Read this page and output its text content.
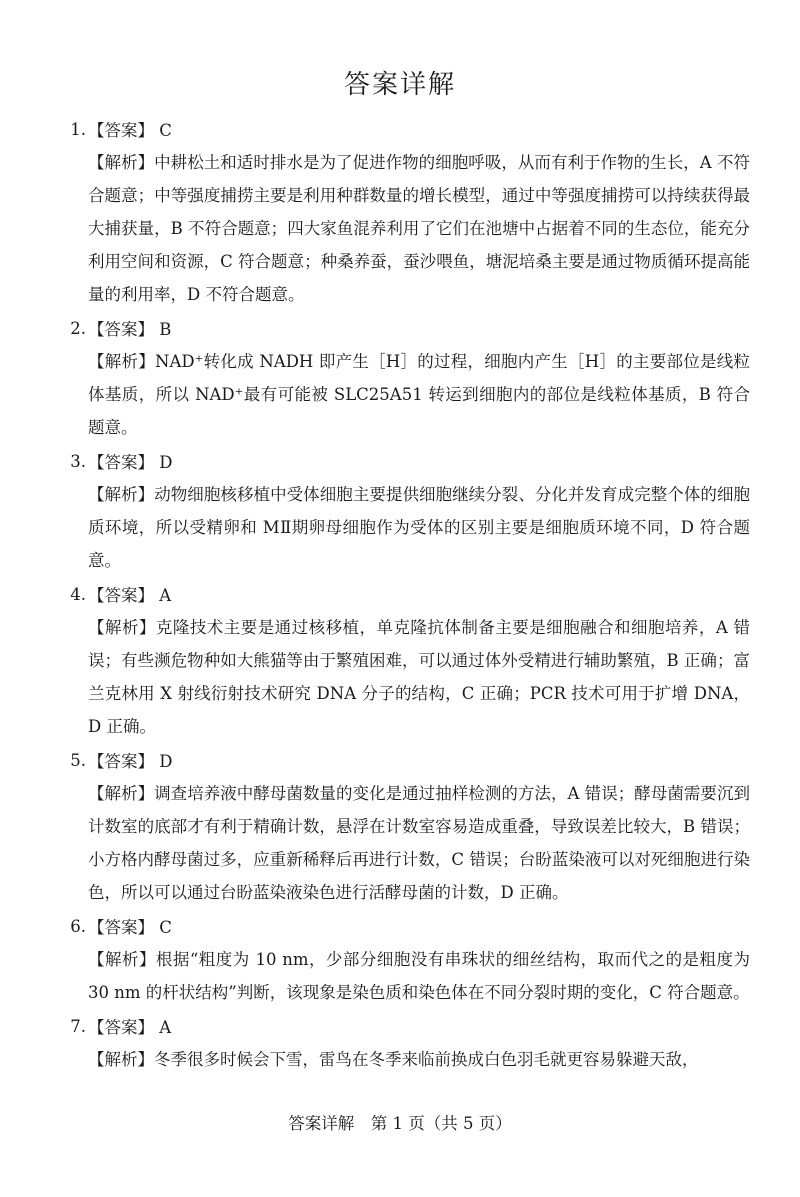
答案详解
1. 【答案】 C
【解析】中耕松土和适时排水是为了促进作物的细胞呼吸，从而有利于作物的生长，A 不符合题意；中等强度捕捞主要是利用种群数量的增长模型，通过中等强度捕捞可以持续获得最大捕获量，B 不符合题意；四大家鱼混养利用了它们在池塘中占据着不同的生态位，能充分利用空间和资源，C 符合题意；种桑养蚕，蚕沙喂鱼，塘泥培桑主要是通过物质循环提高能量的利用率，D 不符合题意。
2. 【答案】 B
【解析】NAD⁺转化成 NADH 即产生［H］的过程，细胞内产生［H］的主要部位是线粒体基质，所以 NAD⁺最有可能被 SLC25A51 转运到细胞内的部位是线粒体基质，B 符合题意。
3. 【答案】 D
【解析】动物细胞核移植中受体细胞主要提供细胞继续分裂、分化并发育成完整个体的细胞质环境，所以受精卵和 MⅡ期卵母细胞作为受体的区别主要是细胞质环境不同，D 符合题意。
4. 【答案】 A
【解析】克隆技术主要是通过核移植，单克隆抗体制备主要是细胞融合和细胞培养，A 错误；有些濒危物种如大熊猫等由于繁殖困难，可以通过体外受精进行辅助繁殖，B 正确；富兰克林用 X 射线衍射技术研究 DNA 分子的结构，C 正确；PCR 技术可用于扩增 DNA，D 正确。
5. 【答案】 D
【解析】调查培养液中酵母菌数量的变化是通过抽样检测的方法，A 错误；酵母菌需要沉到计数室的底部才有利于精确计数，悬浮在计数室容易造成重叠，导致误差比较大，B 错误；小方格内酵母菌过多，应重新稀释后再进行计数，C 错误；台盼蓝染液可以对死细胞进行染色，所以可以通过台盼蓝染液染色进行活酵母菌的计数，D 正确。
6. 【答案】 C
【解析】根据“粗度为 10 nm，少部分细胞没有串珠状的细丝结构，取而代之的是粗度为 30 nm 的杆状结构”判断，该现象是染色质和染色体在不同分裂时期的变化，C 符合题意。
7. 【答案】 A
【解析】冬季很多时候会下雪，雷鸟在冬季来临前换成白色羽毛就更容易躲避天敌，
答案详解　第 1 页（共 5 页）
